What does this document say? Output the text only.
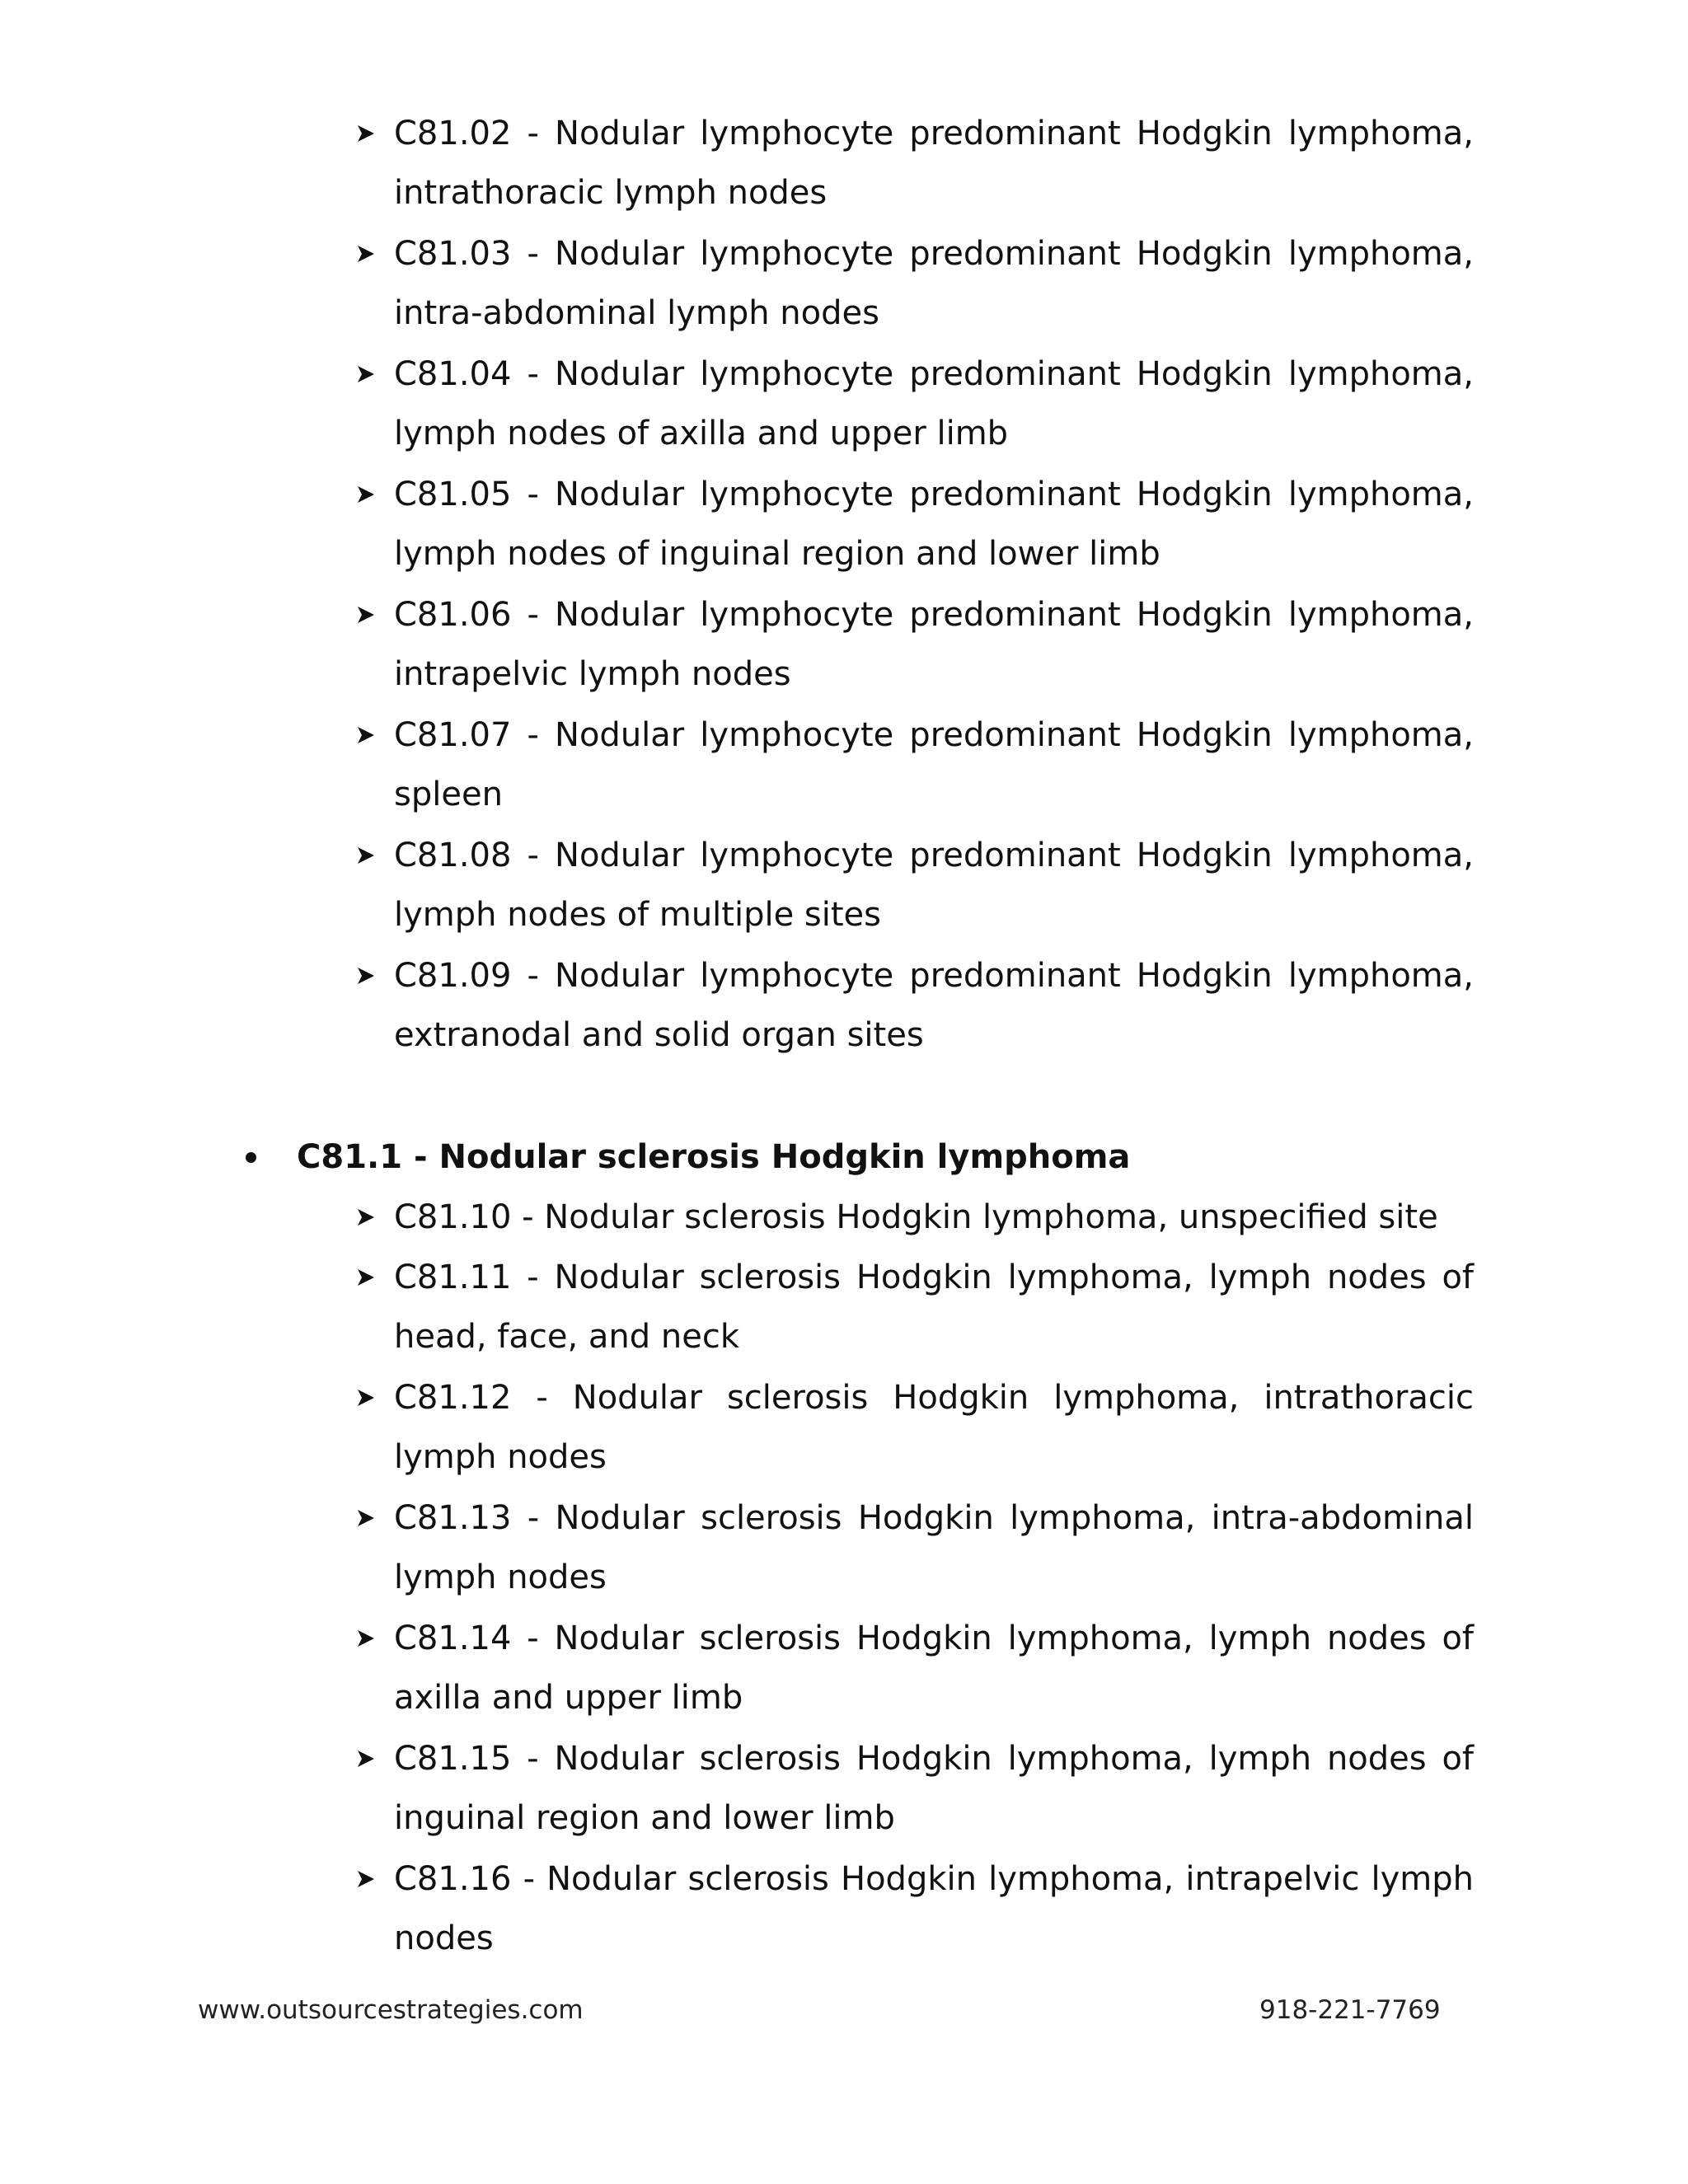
C81.02 - Nodular lymphocyte predominant Hodgkin lymphoma, intrathoracic lymph nodes
C81.03 - Nodular lymphocyte predominant Hodgkin lymphoma, intra-abdominal lymph nodes
C81.04 - Nodular lymphocyte predominant Hodgkin lymphoma, lymph nodes of axilla and upper limb
C81.05 - Nodular lymphocyte predominant Hodgkin lymphoma, lymph nodes of inguinal region and lower limb
C81.06 - Nodular lymphocyte predominant Hodgkin lymphoma, intrapelvic lymph nodes
C81.07 - Nodular lymphocyte predominant Hodgkin lymphoma, spleen
C81.08 - Nodular lymphocyte predominant Hodgkin lymphoma, lymph nodes of multiple sites
C81.09 - Nodular lymphocyte predominant Hodgkin lymphoma, extranodal and solid organ sites
C81.1 - Nodular sclerosis Hodgkin lymphoma
C81.10 - Nodular sclerosis Hodgkin lymphoma, unspecified site
C81.11 - Nodular sclerosis Hodgkin lymphoma, lymph nodes of head, face, and neck
C81.12 - Nodular sclerosis Hodgkin lymphoma, intrathoracic lymph nodes
C81.13 - Nodular sclerosis Hodgkin lymphoma, intra-abdominal lymph nodes
C81.14 - Nodular sclerosis Hodgkin lymphoma, lymph nodes of axilla and upper limb
C81.15 - Nodular sclerosis Hodgkin lymphoma, lymph nodes of inguinal region and lower limb
C81.16 - Nodular sclerosis Hodgkin lymphoma, intrapelvic lymph nodes
www.outsourcestrategies.com	918-221-7769
